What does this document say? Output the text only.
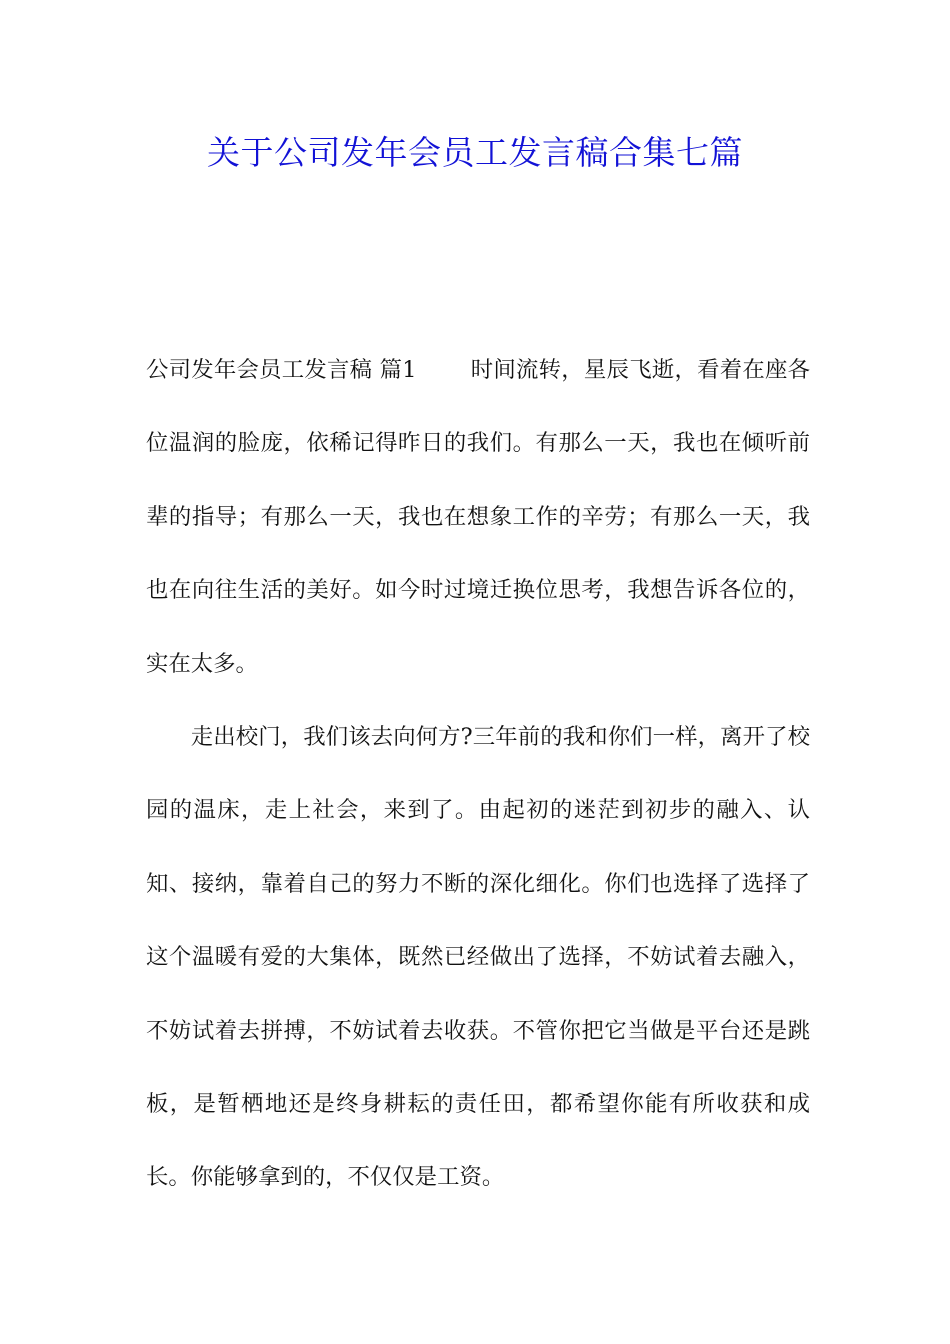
关于公司发年会员工发言稿合集七篇

公司发年会员工发言稿 篇1 时间流转，星辰飞逝，看着在座各位温润的脸庞，依稀记得昨日的我们。有那么一天，我也在倾听前辈的指导；有那么一天，我也在想象工作的辛劳；有那么一天，我也在向往生活的美好。如今时过境迁换位思考，我想告诉各位的，实在太多。

走出校门，我们该去向何方?三年前的我和你们一样，离开了校园的温床，走上社会，来到了。由起初的迷茫到初步的融入、认知、接纳，靠着自己的努力不断的深化细化。你们也选择了选择了这个温暖有爱的大集体，既然已经做出了选择，不妨试着去融入，不妨试着去拼搏，不妨试着去收获。不管你把它当做是平台还是跳板，是暂栖地还是终身耕耘的责任田，都希望你能有所收获和成长。你能够拿到的，不仅仅是工资。
